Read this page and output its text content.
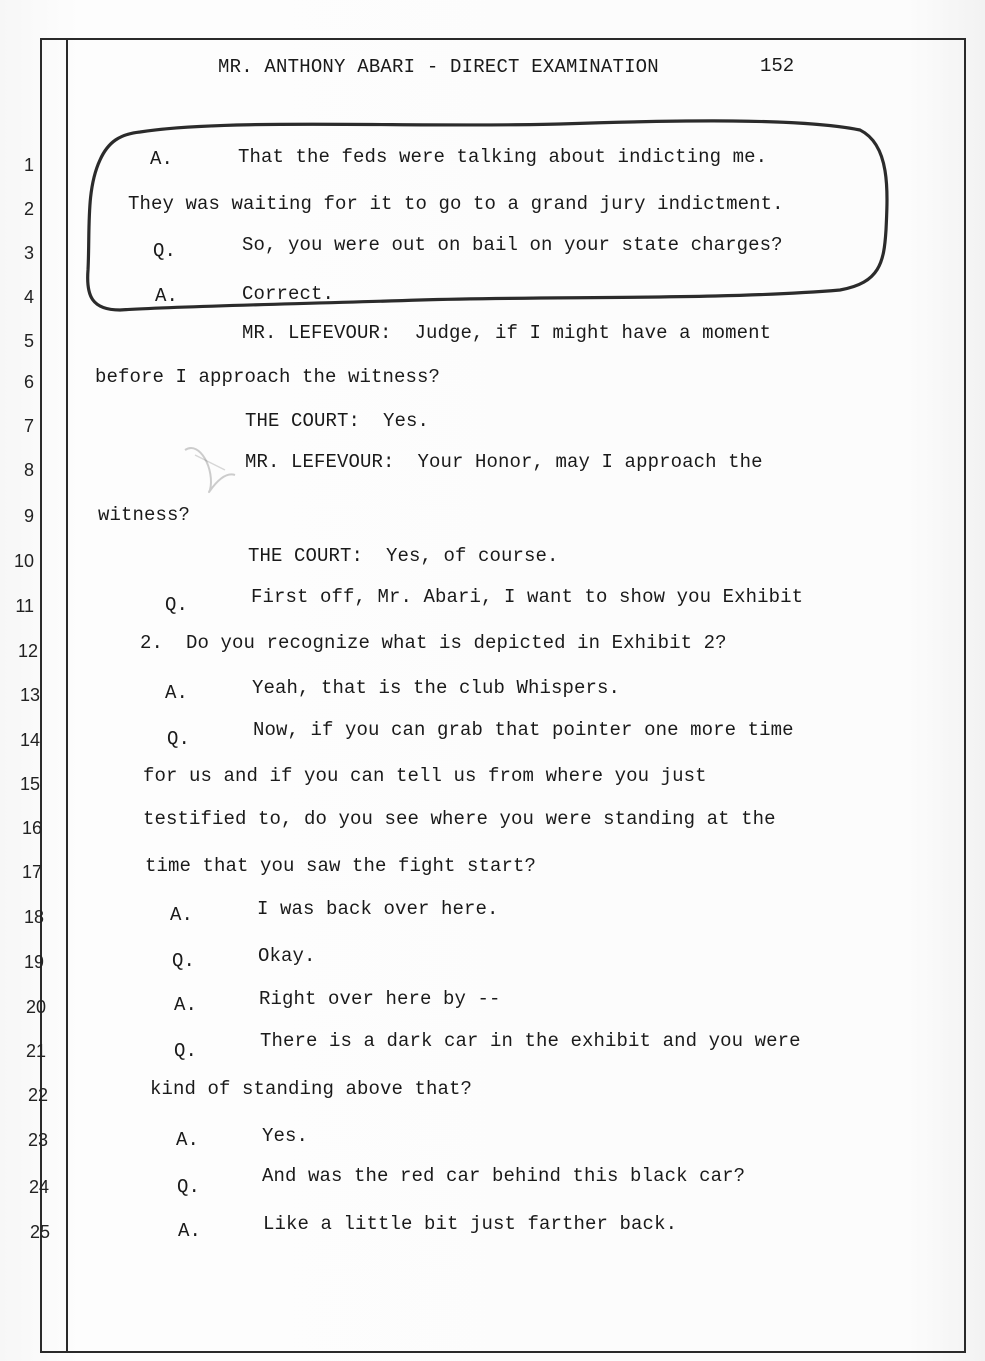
MR. ANTHONY ABARI - DIRECT EXAMINATION	152
1	A.	That the feds were talking about indicting me.
2	They was waiting for it to go to a grand jury indictment.
3	Q.	So, you were out on bail on your state charges?
4	A.	Correct.
5	MR. LEFEVOUR:  Judge, if I might have a moment
6	before I approach the witness?
7	THE COURT:  Yes.
8	MR. LEFEVOUR:  Your Honor, may I approach the
9	witness?
10	THE COURT:  Yes, of course.
11	Q.	First off, Mr. Abari, I want to show you Exhibit
12	2.  Do you recognize what is depicted in Exhibit 2?
13	A.	Yeah, that is the club Whispers.
14	Q.	Now, if you can grab that pointer one more time
15	for us and if you can tell us from where you just
16	testified to, do you see where you were standing at the
17	time that you saw the fight start?
18	A.	I was back over here.
19	Q.	Okay.
20	A.	Right over here by --
21	Q.	There is a dark car in the exhibit and you were
22	kind of standing above that?
23	A.	Yes.
24	Q.	And was the red car behind this black car?
25	A.	Like a little bit just farther back.
